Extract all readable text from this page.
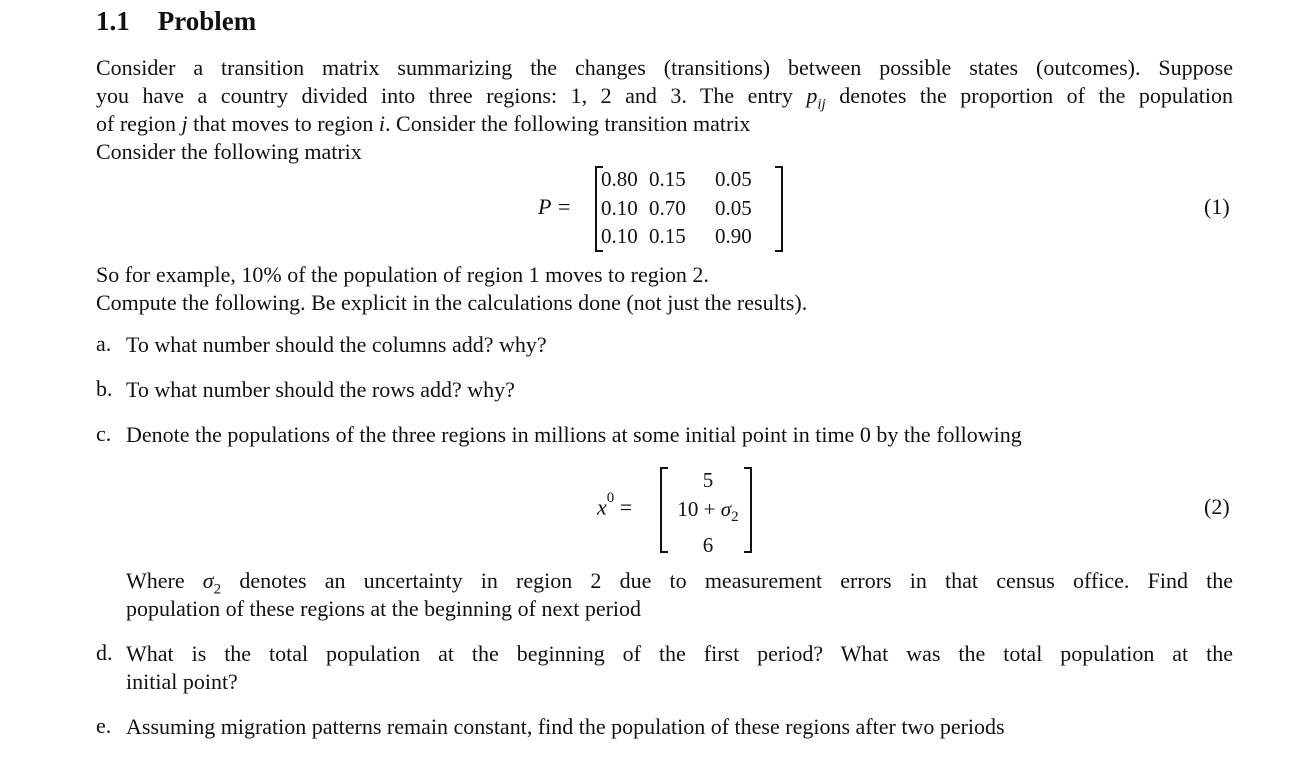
1.1 Problem
Consider a transition matrix summarizing the changes (transitions) between possible states (outcomes). Suppose
you have a country divided into three regions: 1, 2 and 3. The entry $p_{ij}$ denotes the proportion of the population
of region j that moves to region i. Consider the following transition matrix
Consider the following matrix
P =
0.80 0.15	0.05
0.10 0.70	0.05
0.10 0.15	0.90
(1)
So for example, 10% of the population of region 1 moves to region 2.
Compute the following. Be explicit in the calculations done (not just the results).
a. To what number should the columns add? why?
b. To what number should the rows add? why?
c. Denote the populations of the three regions in millions at some initial point in time 0 by the following
$x^0$ =
5
$10 + \sigma_2$
6
(2)
Where $\sigma_2$ denotes an uncertainty in region 2 due to measurement errors in that census office. Find the
population of these regions at the beginning of next period
d. What is the total population at the beginning of the first period? What was the total population at the
initial point?
e. Assuming migration patterns remain constant, find the population of these regions after two periods
